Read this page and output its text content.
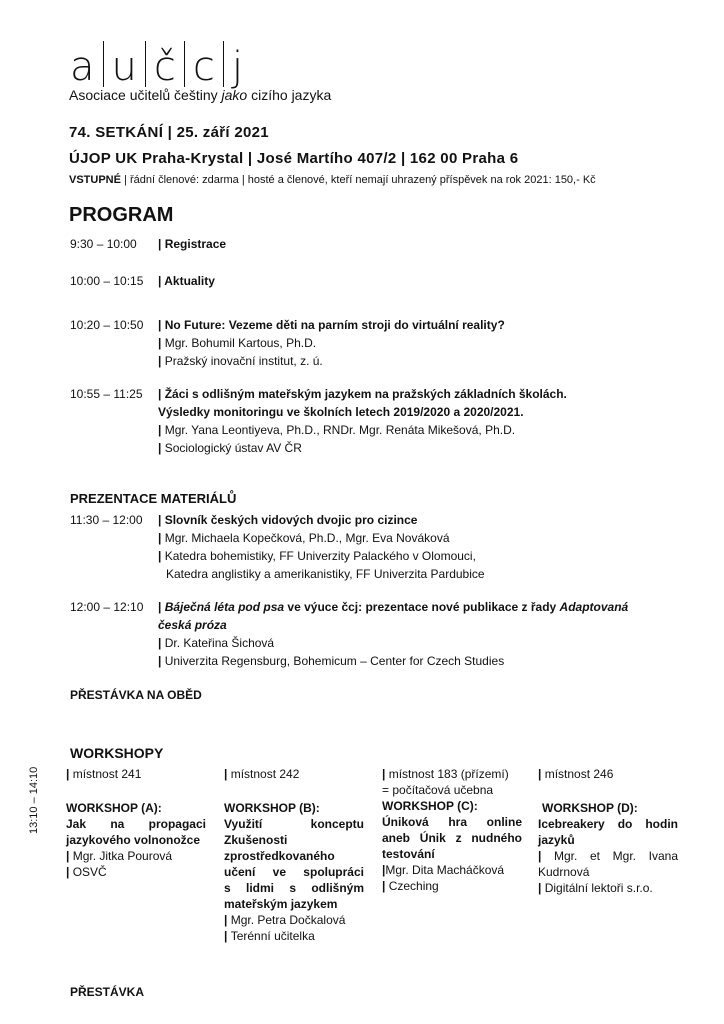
a u č c j
Asociace učitelů češtiny jako cizího jazyka
74. SETKÁNÍ | 25. září 2021
ÚJOP UK Praha-Krystal | José Martího 407/2 | 162 00 Praha 6
VSTUPNÉ | řádní členové: zdarma | hosté a členové, kteří nemají uhrazený příspěvek na rok 2021: 150,- Kč
PROGRAM
9:30 – 10:00 | Registrace
10:00 – 10:15 | Aktuality
10:20 – 10:50 | No Future: Vezeme děti na parním stroji do virtuální reality?
| Mgr. Bohumil Kartous, Ph.D.
| Pražský inovační institut, z. ú.
10:55 – 11:25 | Žáci s odlišným mateřským jazykem na pražských základních školách.
Výsledky monitoringu ve školních letech 2019/2020 a 2020/2021.
| Mgr. Yana Leontiyeva, Ph.D., RNDr. Mgr. Renáta Mikešová, Ph.D.
| Sociologický ústav AV ČR
PREZENTACE MATERIÁLŮ
11:30 – 12:00 | Slovník českých vidových dvojic pro cizince
| Mgr. Michaela Kopečková, Ph.D., Mgr. Eva Nováková
| Katedra bohemistiky, FF Univerzity Palackého v Olomouci,
Katedra anglistiky a amerikanistiky, FF Univerzita Pardubice
12:00 – 12:10 | Báječná léta pod psa ve výuce čcj: prezentace nové publikace z řady Adaptovaná
česká próza
| Dr. Kateřina Šichová
| Univerzita Regensburg, Bohemicum – Center for Czech Studies
PŘESTÁVKA NA OBĚD
WORKSHOPY
13:10 – 14:10 | místnost 241
WORKSHOP (A):
Jak na propagaci
jazykového volnonožce
| Mgr. Jitka Pourová
| OSVČ
| místnost 242
WORKSHOP (B):
Využití konceptu
Zkušenosti
zprostředkovaného
učení ve spolupráci
s lidmi s odlišným
mateřským jazykem
| Mgr. Petra Dočkalová
| Terénní učitelka
| místnost 183 (přízemí)
= počítačová učebna
WORKSHOP (C):
Úniková hra online
aneb Únik z nudného
testování
|Mgr. Dita Macháčková
| Czeching
| místnost 246
WORKSHOP (D):
Icebreakery do hodin
jazyků
| Mgr. et Mgr. Ivana
Kudrnová
| Digitální lektoři s.r.o.
PŘESTÁVKA
